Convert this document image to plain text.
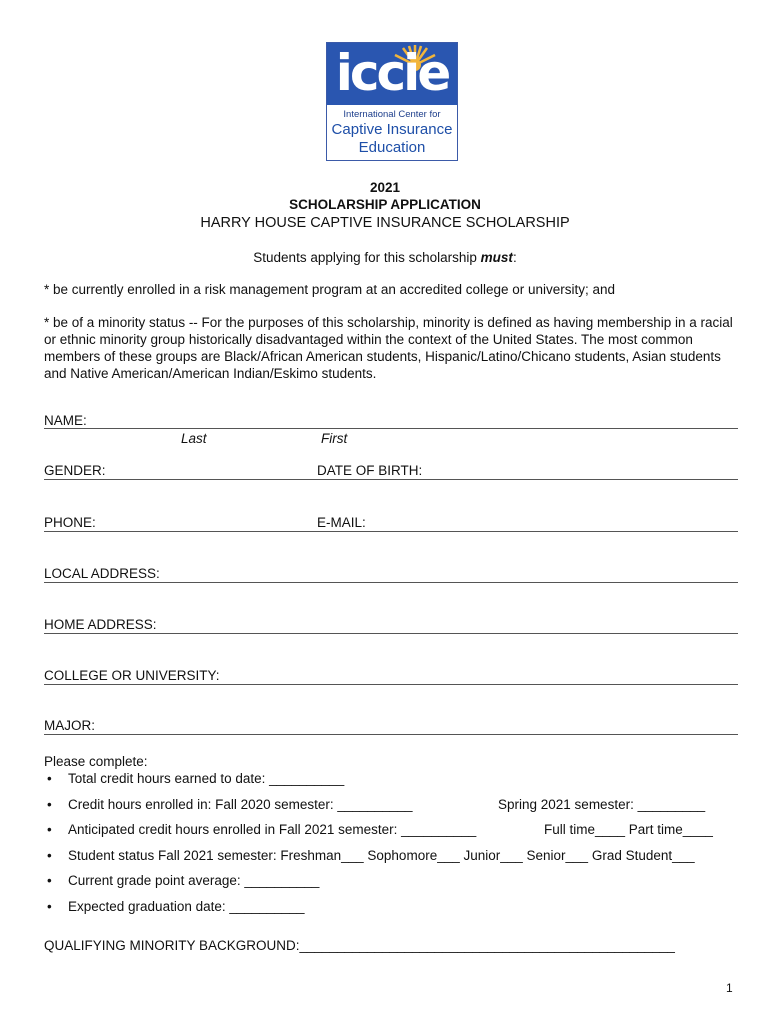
iccie
International Center for
Captive Insurance
Education
2021
SCHOLARSHIP APPLICATION
HARRY HOUSE CAPTIVE INSURANCE SCHOLARSHIP
Students applying for this scholarship must:
* be currently enrolled in a risk management program at an accredited college or university; and
* be of a minority status -- For the purposes of this scholarship, minority is defined as having membership in a racial or ethnic minority group historically disadvantaged within the context of the United States. The most common members of these groups are Black/African American students, Hispanic/Latino/Chicano students, Asian students and Native American/American Indian/Eskimo students.
NAME:
Last	First
GENDER:	DATE OF BIRTH:
PHONE:	E-MAIL:
LOCAL ADDRESS:
HOME ADDRESS:
COLLEGE OR UNIVERSITY:
MAJOR:
Please complete:
• Total credit hours earned to date: __________
• Credit hours enrolled in: Fall 2020 semester: __________	Spring 2021 semester: _________
• Anticipated credit hours enrolled in Fall 2021 semester: __________	Full time____ Part time____
• Student status Fall 2021 semester: Freshman___ Sophomore___ Junior___ Senior___ Grad Student___
• Current grade point average: __________
• Expected graduation date: __________
QUALIFYING MINORITY BACKGROUND:__________________________________________________
1
